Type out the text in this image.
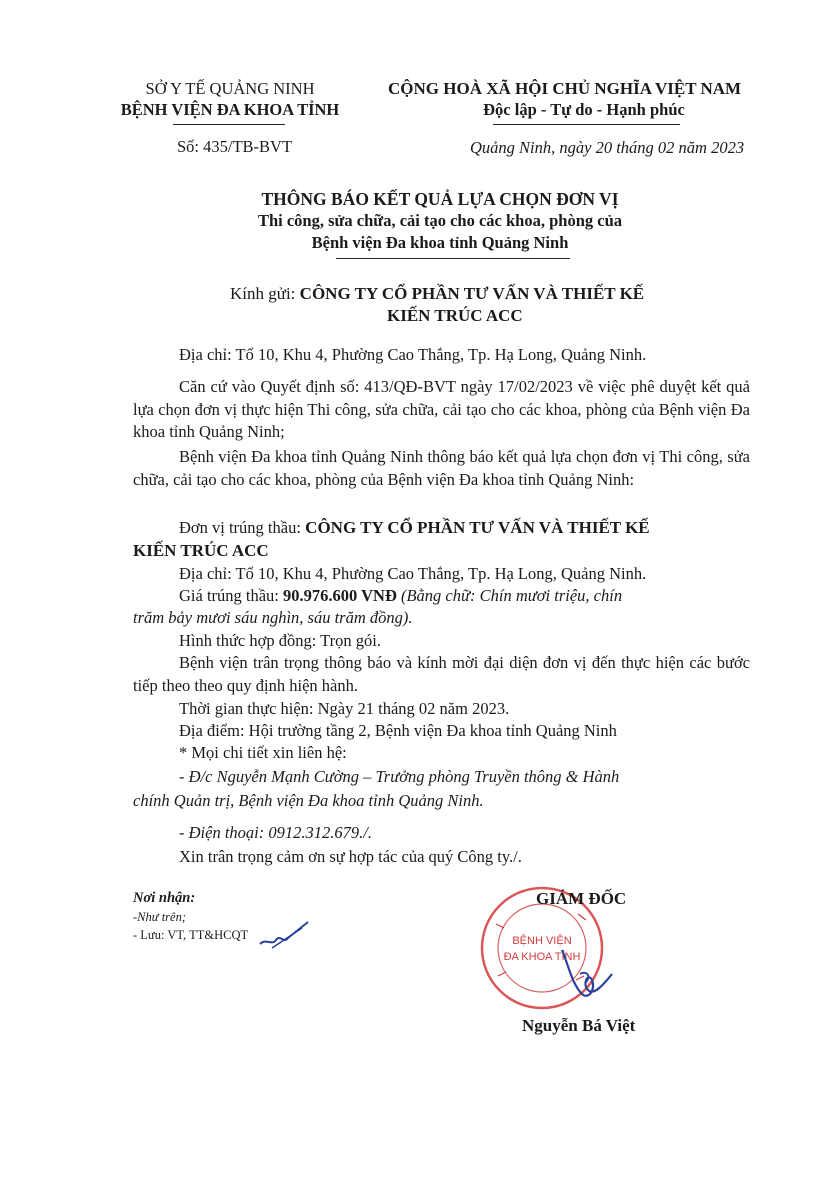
SỞ Y TẾ QUẢNG NINH
BỆNH VIỆN ĐA KHOA TỈNH
Số: 435/TB-BVT
CỘNG HOÀ XÃ HỘI CHỦ NGHĨA VIỆT NAM
Độc lập - Tự do - Hạnh phúc
Quảng Ninh, ngày 20 tháng 02 năm 2023
THÔNG BÁO KẾT QUẢ LỰA CHỌN ĐƠN VỊ
Thi công, sửa chữa, cải tạo cho các khoa, phòng của
Bệnh viện Đa khoa tỉnh Quảng Ninh
Kính gửi: CÔNG TY CỔ PHẦN TƯ VẤN VÀ THIẾT KẾ
KIẾN TRÚC ACC
Địa chỉ: Tổ 10, Khu 4, Phường Cao Thắng, Tp. Hạ Long, Quảng Ninh.
Căn cứ vào Quyết định số: 413/QĐ-BVT ngày 17/02/2023 về việc phê duyệt kết quả lựa chọn đơn vị thực hiện Thi công, sửa chữa, cải tạo cho các khoa, phòng của Bệnh viện Đa khoa tỉnh Quảng Ninh;
Bệnh viện Đa khoa tỉnh Quảng Ninh thông báo kết quả lựa chọn đơn vị Thi công, sửa chữa, cải tạo cho các khoa, phòng của Bệnh viện Đa khoa tỉnh Quảng Ninh:
Đơn vị trúng thầu: CÔNG TY CỔ PHẦN TƯ VẤN VÀ THIẾT KẾ
KIẾN TRÚC ACC
Địa chỉ: Tổ 10, Khu 4, Phường Cao Thắng, Tp. Hạ Long, Quảng Ninh.
Giá trúng thầu: 90.976.600 VNĐ (Bằng chữ: Chín mươi triệu, chín
trăm bảy mươi sáu nghìn, sáu trăm đồng).
Hình thức hợp đồng: Trọn gói.
Bệnh viện trân trọng thông báo và kính mời đại diện đơn vị đến thực hiện các bước tiếp theo theo quy định hiện hành.
Thời gian thực hiện: Ngày 21 tháng 02 năm 2023.
Địa điểm: Hội trường tầng 2, Bệnh viện Đa khoa tỉnh Quảng Ninh
* Mọi chi tiết xin liên hệ:
- Đ/c Nguyễn Mạnh Cường – Trưởng phòng Truyền thông & Hành
chính Quản trị, Bệnh viện Đa khoa tỉnh Quảng Ninh.
- Điện thoại: 0912.312.679./.
Xin trân trọng cảm ơn sự hợp tác của quý Công ty./.
Nơi nhận:
-Như trên;
- Lưu: VT, TT&HCQT	BỆNH VIỆN
ĐA KHOA TỈNH
GIÁM ĐỐC
Nguyễn Bá Việt
